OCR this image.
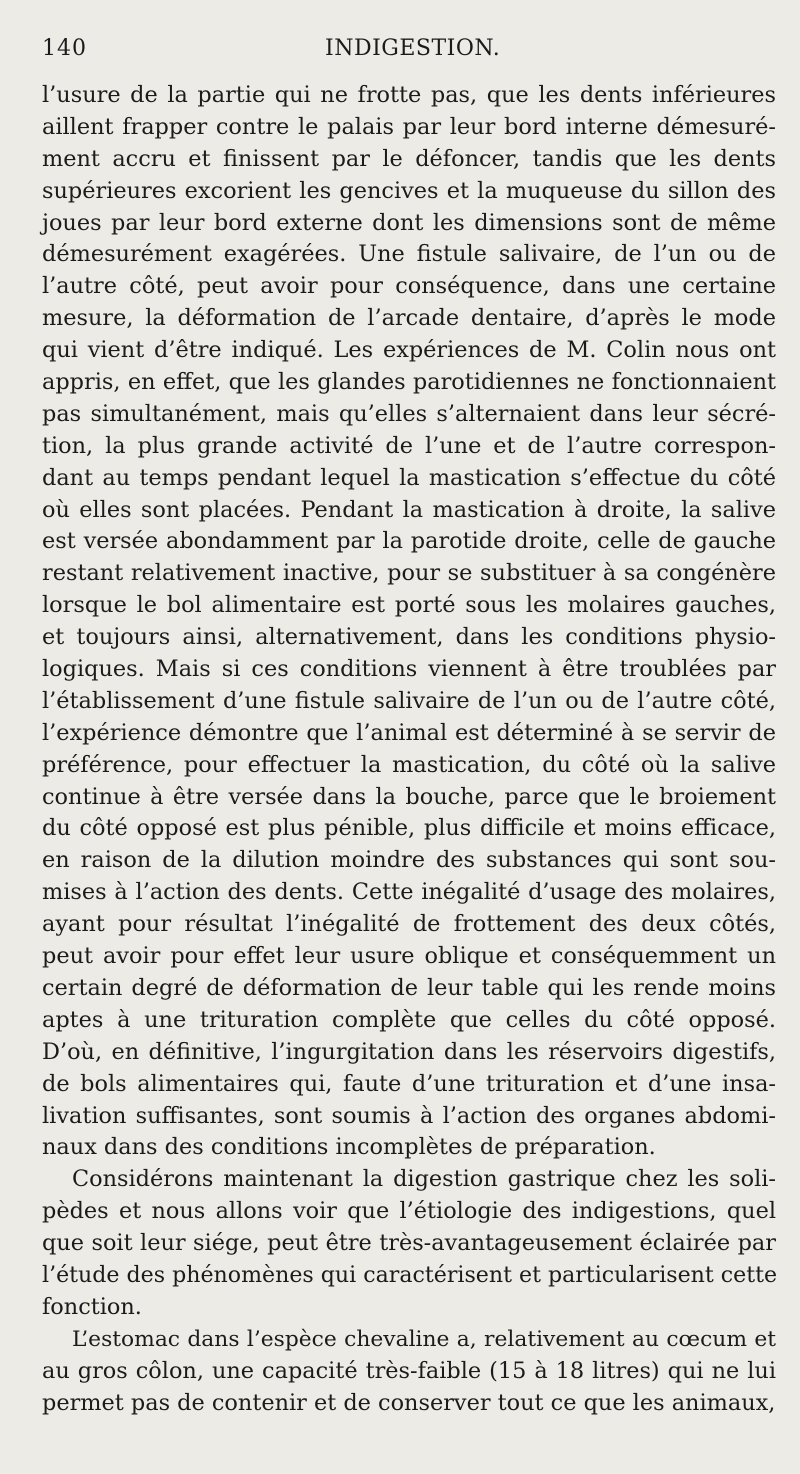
140	INDIGESTION.
l’usure de la partie qui ne frotte pas, que les dents inférieures
aillent frapper contre le palais par leur bord interne démesuré-
ment accru et finissent par le défoncer, tandis que les dents
supérieures excorient les gencives et la muqueuse du sillon des
joues par leur bord externe dont les dimensions sont de même
démesurément exagérées. Une fistule salivaire, de l’un ou de
l’autre côté, peut avoir pour conséquence, dans une certaine
mesure, la déformation de l’arcade dentaire, d’après le mode
qui vient d’être indiqué. Les expériences de M. Colin nous ont
appris, en effet, que les glandes parotidiennes ne fonctionnaient
pas simultanément, mais qu’elles s’alternaient dans leur sécré-
tion, la plus grande activité de l’une et de l’autre correspon-
dant au temps pendant lequel la mastication s’effectue du côté
où elles sont placées. Pendant la mastication à droite, la salive
est versée abondamment par la parotide droite, celle de gauche
restant relativement inactive, pour se substituer à sa congénère
lorsque le bol alimentaire est porté sous les molaires gauches,
et toujours ainsi, alternativement, dans les conditions physio-
logiques. Mais si ces conditions viennent à être troublées par
l’établissement d’une fistule salivaire de l’un ou de l’autre côté,
l’expérience démontre que l’animal est déterminé à se servir de
préférence, pour effectuer la mastication, du côté où la salive
continue à être versée dans la bouche, parce que le broiement
du côté opposé est plus pénible, plus difficile et moins efficace,
en raison de la dilution moindre des substances qui sont sou-
mises à l’action des dents. Cette inégalité d’usage des molaires,
ayant pour résultat l’inégalité de frottement des deux côtés,
peut avoir pour effet leur usure oblique et conséquemment un
certain degré de déformation de leur table qui les rende moins
aptes à une trituration complète que celles du côté opposé.
D’où, en définitive, l’ingurgitation dans les réservoirs digestifs,
de bols alimentaires qui, faute d’une trituration et d’une insa-
livation suffisantes, sont soumis à l’action des organes abdomi-
naux dans des conditions incomplètes de préparation.
Considérons maintenant la digestion gastrique chez les soli-
pèdes et nous allons voir que l’étiologie des indigestions, quel
que soit leur siége, peut être très-avantageusement éclairée par
l’étude des phénomènes qui caractérisent et particularisent cette
fonction.
L’estomac dans l’espèce chevaline a, relativement au cœcum et
au gros côlon, une capacité très-faible (15 à 18 litres) qui ne lui
permet pas de contenir et de conserver tout ce que les animaux,
